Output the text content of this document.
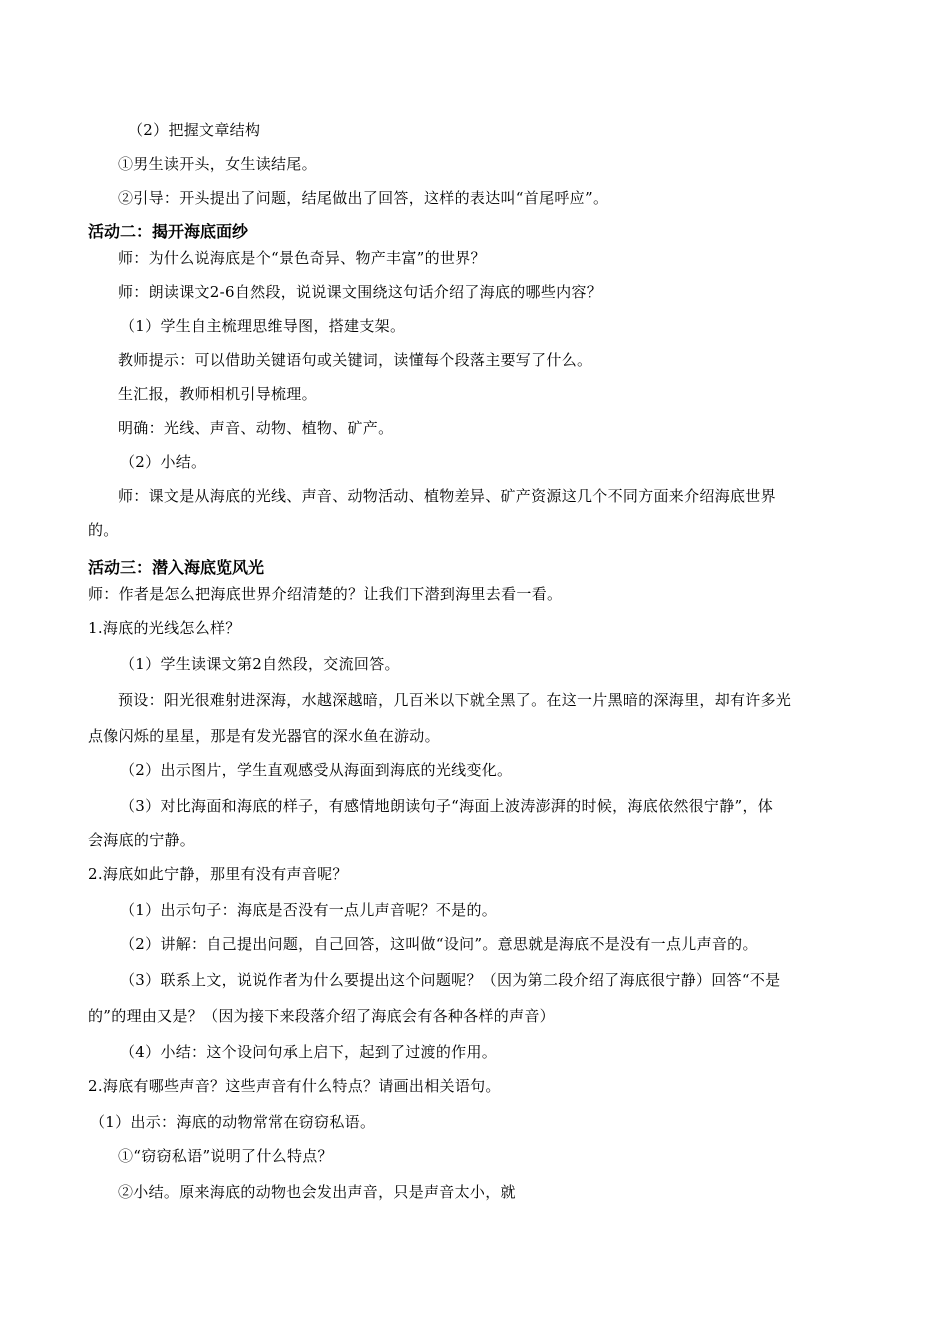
（2）把握文章结构
①男生读开头，女生读结尾。
②引导：开头提出了问题，结尾做出了回答，这样的表达叫“首尾呼应”。
活动二：揭开海底面纱
师：为什么说海底是个“景色奇异、物产丰富”的世界？
师：朗读课文2-6自然段，说说课文围绕这句话介绍了海底的哪些内容？
（1）学生自主梳理思维导图，搭建支架。
教师提示：可以借助关键语句或关键词，读懂每个段落主要写了什么。
生汇报，教师相机引导梳理。
明确：光线、声音、动物、植物、矿产。
（2）小结。
师：课文是从海底的光线、声音、动物活动、植物差异、矿产资源这几个不同方面来介绍海底世界
的。
活动三：潜入海底览风光
师：作者是怎么把海底世界介绍清楚的？让我们下潜到海里去看一看。
1.海底的光线怎么样？
（1）学生读课文第2自然段，交流回答。
预设：阳光很难射进深海，水越深越暗，几百米以下就全黑了。在这一片黑暗的深海里，却有许多光
点像闪烁的星星，那是有发光器官的深水鱼在游动。
（2）出示图片，学生直观感受从海面到海底的光线变化。
（3）对比海面和海底的样子，有感情地朗读句子“海面上波涛澎湃的时候，海底依然很宁静”，体
会海底的宁静。
2.海底如此宁静，那里有没有声音呢？
（1）出示句子：海底是否没有一点儿声音呢？不是的。
（2）讲解：自己提出问题，自己回答，这叫做“设问”。意思就是海底不是没有一点儿声音的。
（3）联系上文，说说作者为什么要提出这个问题呢？（因为第二段介绍了海底很宁静）回答“不是
的”的理由又是？（因为接下来段落介绍了海底会有各种各样的声音）
（4）小结：这个设问句承上启下，起到了过渡的作用。
2.海底有哪些声音？这些声音有什么特点？请画出相关语句。
（1）出示：海底的动物常常在窃窃私语。
①“窃窃私语”说明了什么特点？
②小结。原来海底的动物也会发出声音，只是声音太小，就
